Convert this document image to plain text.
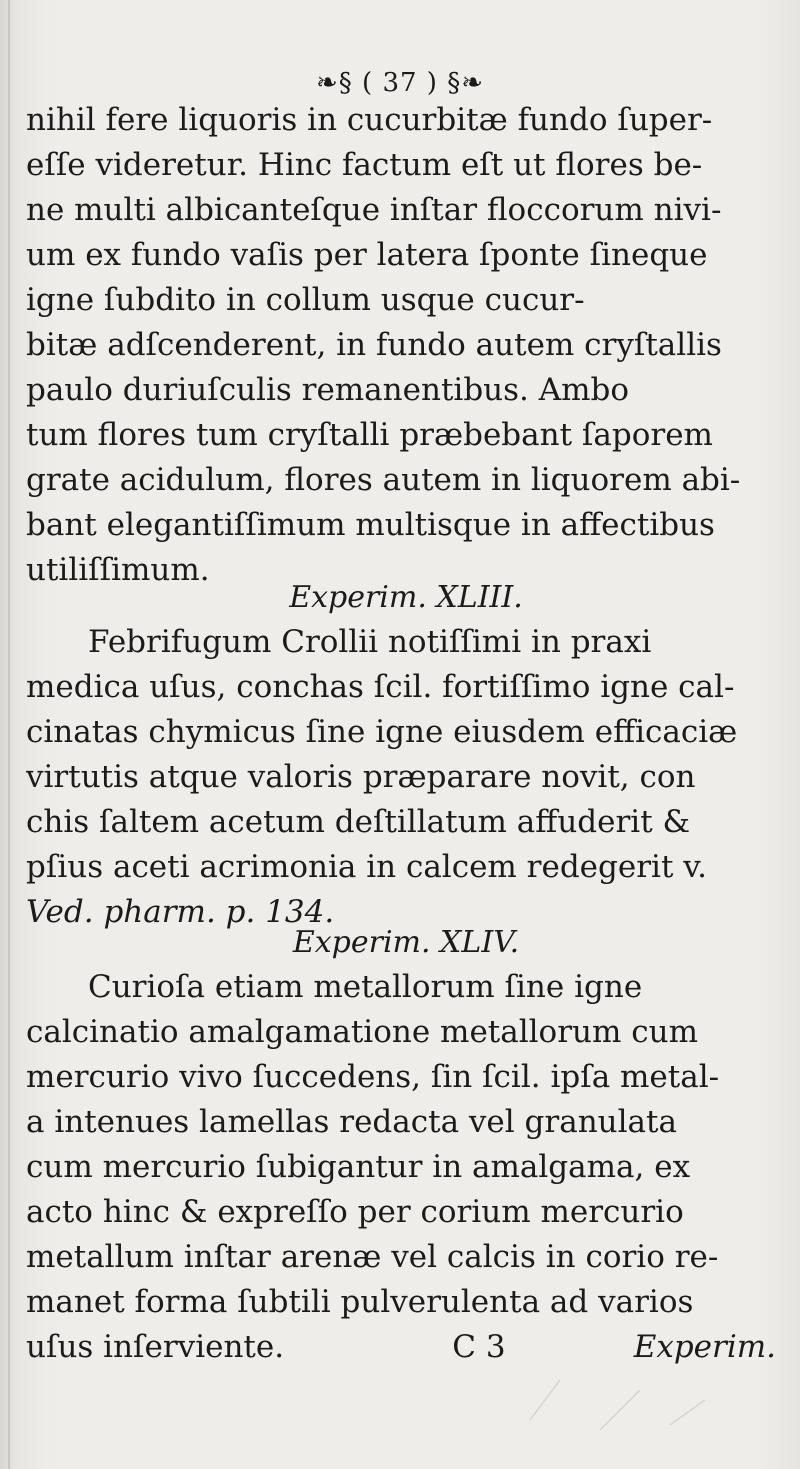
❧§ ( 37 ) §❧
nihil fere liquoris in cucurbitæ fundo ſuper-
eſſe videretur. Hinc factum eſt ut flores be-
ne multi albicanteſque inſtar floccorum nivi-
um ex fundo vaſis per latera ſponte ſineque
igne ſubdito in collum usque cucur-
bitæ adſcenderent, in fundo autem cryſtallis
paulo duriuſculis remanentibus. Ambo
tum flores tum cryſtalli præbebant ſaporem
grate acidulum, flores autem in liquorem abi-
bant elegantiſſimum multisque in affectibus
utiliſſimum.
Experim. XLIII.
Febrifugum Crollii notiſſimi in praxi
medica uſus, conchas ſcil. fortiſſimo igne cal-
cinatas chymicus ſine igne eiusdem efficaciæ
virtutis atque valoris præparare novit, con
chis ſaltem acetum deſtillatum affuderit &
pſius aceti acrimonia in calcem redegerit v.
Ved. pharm. p. 134.
Experim. XLIV.
Curioſa etiam metallorum ſine igne
calcinatio amalgamatione metallorum cum
mercurio vivo ſuccedens, ſin ſcil. ipſa metal-
a intenues lamellas redacta vel granulata
cum mercurio ſubigantur in amalgama, ex
acto hinc & expreſſo per corium mercurio
metallum inſtar arenæ vel calcis in corio re-
manet forma ſubtili pulverulenta ad varios
uſus inſerviente.	C 3	Experim.
